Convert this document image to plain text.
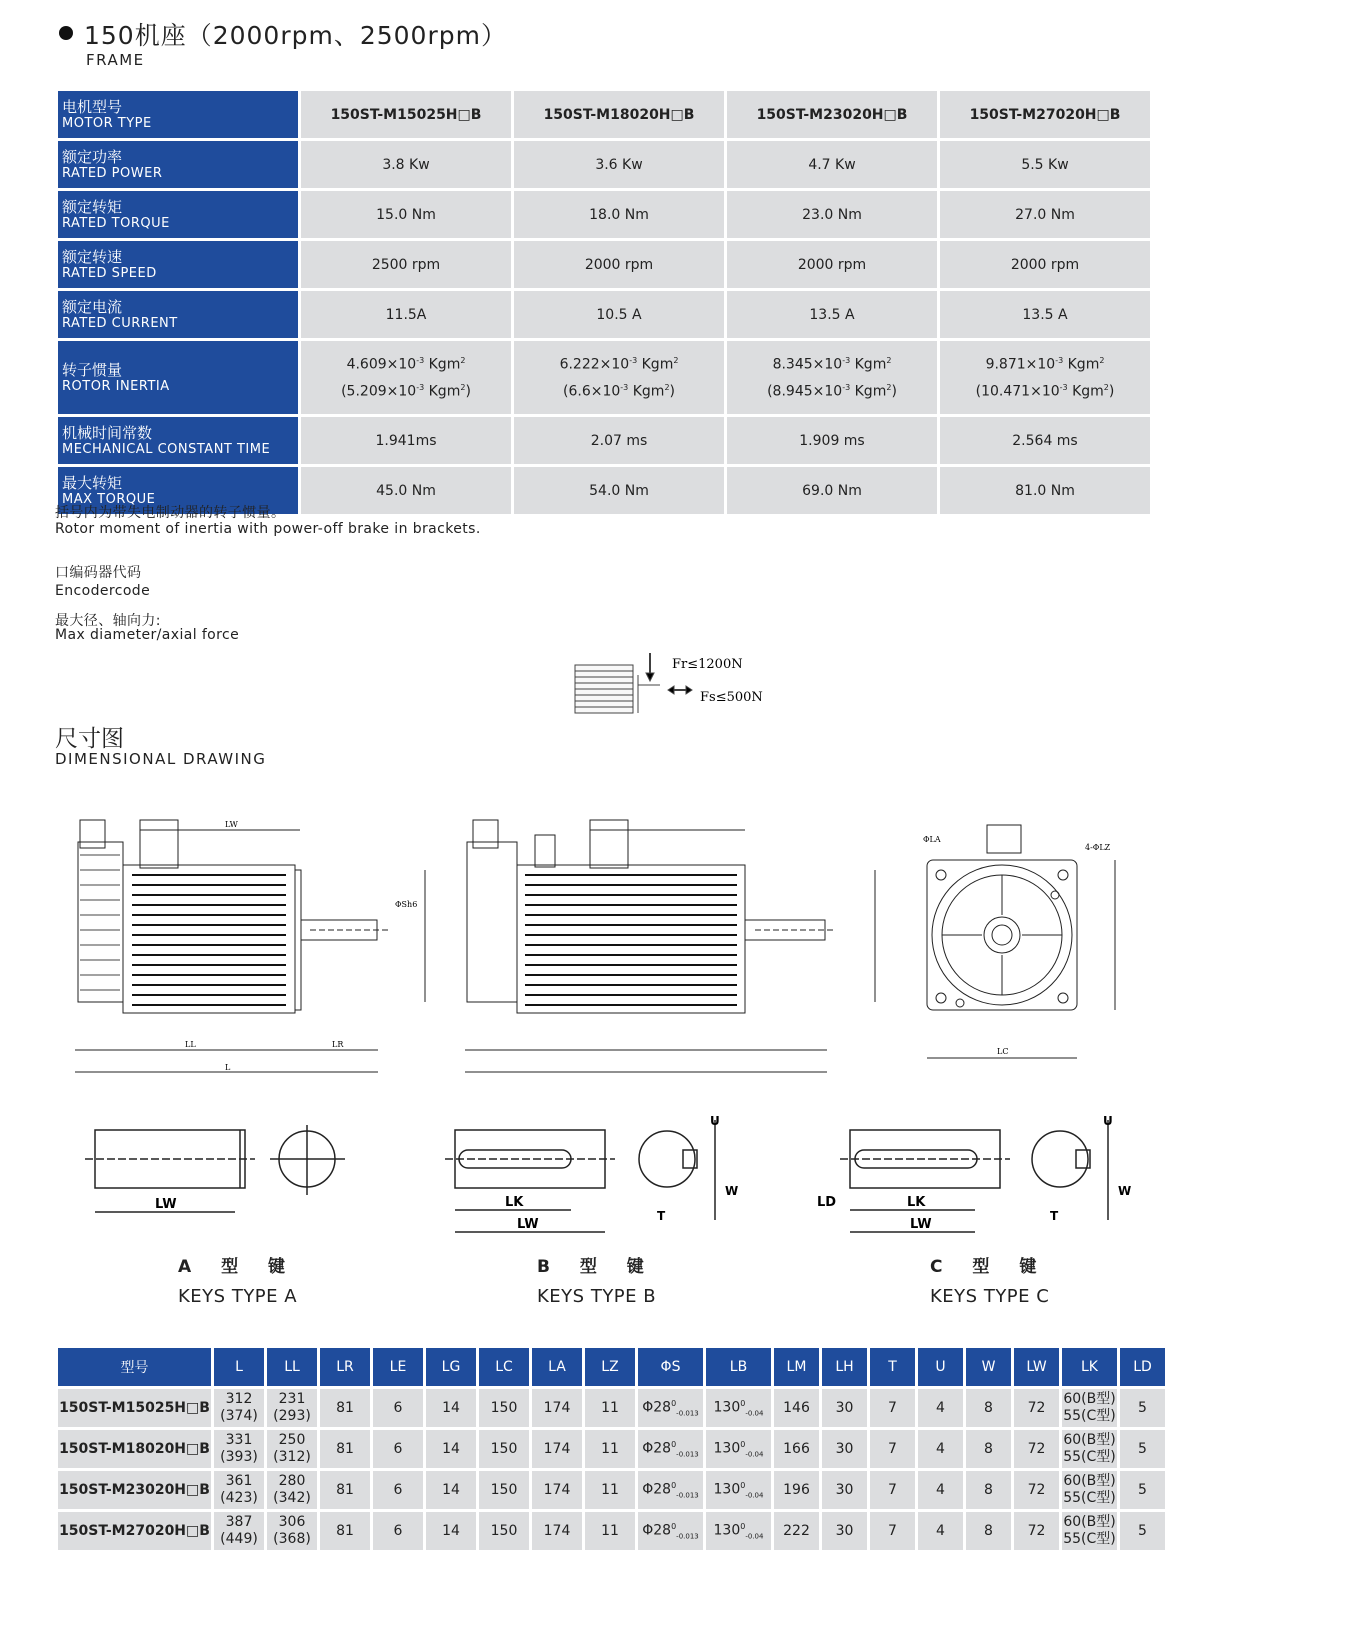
150机座（2000rpm、2500rpm）
FRAME
电机型号
MOTOR TYPE	150ST-M15025H□B	150ST-M18020H□B	150ST-M23020H□B	150ST-M27020H□B

额定功率
RATED POWER	3.8 Kw	3.6 Kw	4.7 Kw	5.5 Kw

额定转矩
RATED TORQUE	15.0 Nm	18.0 Nm	23.0 Nm	27.0 Nm

额定转速
RATED SPEED	2500 rpm	2000 rpm	2000 rpm	2000 rpm

额定电流
RATED CURRENT	11.5A	10.5 A	13.5 A	13.5 A

转子惯量
ROTOR INERTIA	$4.609\times 10^{-3}$ Kgm$^2$
($5.209\times 10^{-3}$ Kgm$^2$)	$6.222\times 10^{-3}$ Kgm$^2$
($6.6\times 10^{-3}$ Kgm$^2$)	$8.345\times 10^{-3}$ Kgm$^2$
($8.945\times 10^{-3}$ Kgm$^2$)	$9.871\times 10^{-3}$ Kgm$^2$
($10.471\times 10^{-3}$ Kgm$^2$)

机械时间常数
MECHANICAL CONSTANT TIME	1.941ms	2.07 ms	1.909 ms	2.564 ms

最大转矩
MAX TORQUE	45.0 Nm	54.0 Nm	69.0 Nm	81.0 Nm
括号内为带失电制动器的转子惯量。
Rotor moment of inertia with power-off brake in brackets.
口编码器代码
Encodercode
最大径、轴向力:
Max diameter/axial force
Fr≤1200N
Fs≤500N
尺寸图
DIMENSIONAL DRAWING
LW
LL
L
LR
ΦSh6
ΦLA
4-ΦLZ
LC
LW	LK
LW
U
T
W
LD	LK
LW
U
T
W
A 型 键
KEYS TYPE A
B 型 键
KEYS TYPE B
C 型 键
KEYS TYPE C
型号	L	LL	LR	LE	LG	LC	LA	LZ	ΦS	LB	LM	LH	T	U	W	LW	LK	LD
150ST-M15025H□B	312
(374)	231
(293)	81	6	14	150	174	11	$\Phi 28^0_{-0.013}$	$130^0_{-0.04}$	146	30	7	4	8	72	60(B型)
55(C型)	5
150ST-M18020H□B	331
(393)	250
(312)	81	6	14	150	174	11	$\Phi 28^0_{-0.013}$	$130^0_{-0.04}$	166	30	7	4	8	72	60(B型)
55(C型)	5
150ST-M23020H□B	361
(423)	280
(342)	81	6	14	150	174	11	$\Phi 28^0_{-0.013}$	$130^0_{-0.04}$	196	30	7	4	8	72	60(B型)
55(C型)	5
150ST-M27020H□B	387
(449)	306
(368)	81	6	14	150	174	11	$\Phi 28^0_{-0.013}$	$130^0_{-0.04}$	222	30	7	4	8	72	60(B型)
55(C型)	5
